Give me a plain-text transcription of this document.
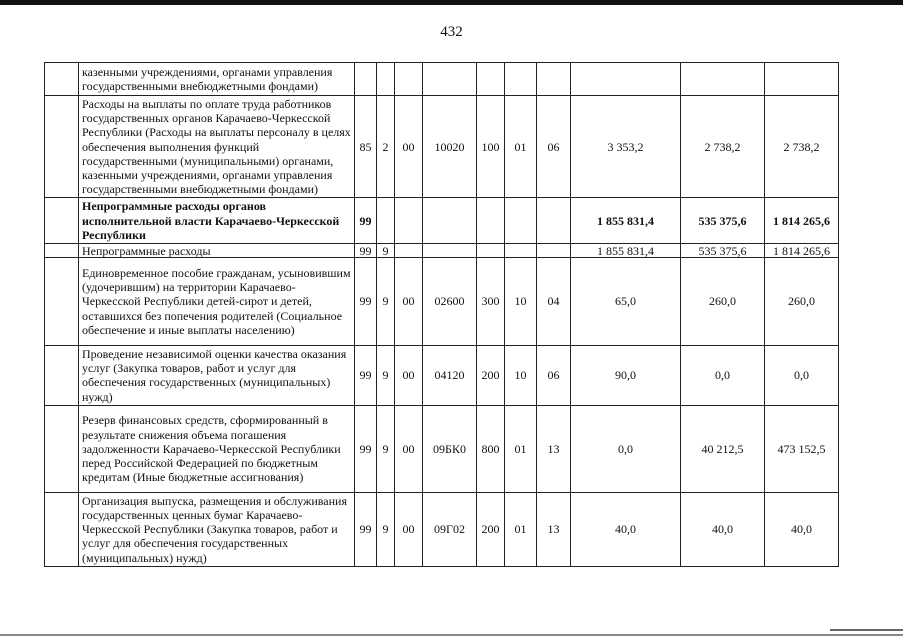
432
	казенными учреждениями, органами управления государственными внебюджетными фондами)										
	Расходы на выплаты по оплате труда работников государственных органов Карачаево-Черкесской Республики (Расходы на выплаты персоналу в целях обеспечения выполнения функций государственными (муниципальными) органами, казенными учреждениями, органами управления государственными внебюджетными фондами)	85	2	00	10020	100	01	06	3 353,2	2 738,2	2 738,2
	Непрограммные расходы органов исполнительной власти Карачаево-Черкесской Республики	99							1 855 831,4	535 375,6	1 814 265,6
	Непрограммные расходы	99	9						1 855 831,4	535 375,6	1 814 265,6
	Единовременное пособие гражданам, усыновившим (удочерившим) на территории Карачаево-Черкесской Республики детей-сирот и детей, оставшихся без попечения родителей (Социальное обеспечение и иные выплаты населению)	99	9	00	02600	300	10	04	65,0	260,0	260,0
	Проведение независимой оценки качества оказания услуг (Закупка товаров, работ и услуг для обеспечения государственных (муниципальных) нужд)	99	9	00	04120	200	10	06	90,0	0,0	0,0
	Резерв финансовых средств, сформированный в результате снижения объема погашения задолженности Карачаево-Черкесской Республики перед Российской Федерацией по бюджетным кредитам (Иные бюджетные ассигнования)	99	9	00	09БК0	800	01	13	0,0	40 212,5	473 152,5
	Организация выпуска, размещения и обслуживания государственных ценных бумаг Карачаево-Черкесской Республики (Закупка товаров, работ и услуг для обеспечения государственных (муниципальных) нужд)	99	9	00	09Г02	200	01	13	40,0	40,0	40,0
